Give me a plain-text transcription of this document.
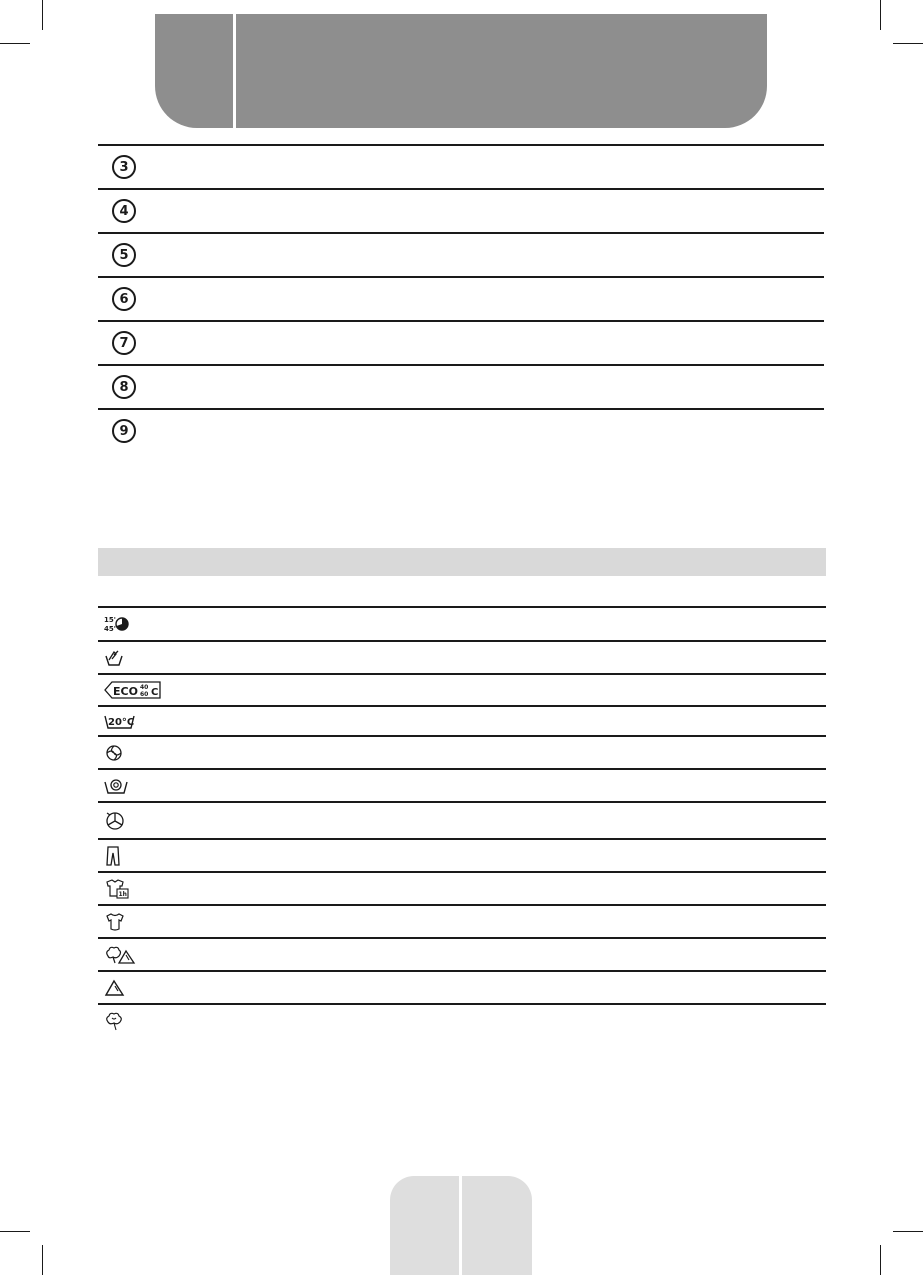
3
4
5
6
7
8
9
15'
45'
ECO 40
60 C
20°C
1h
